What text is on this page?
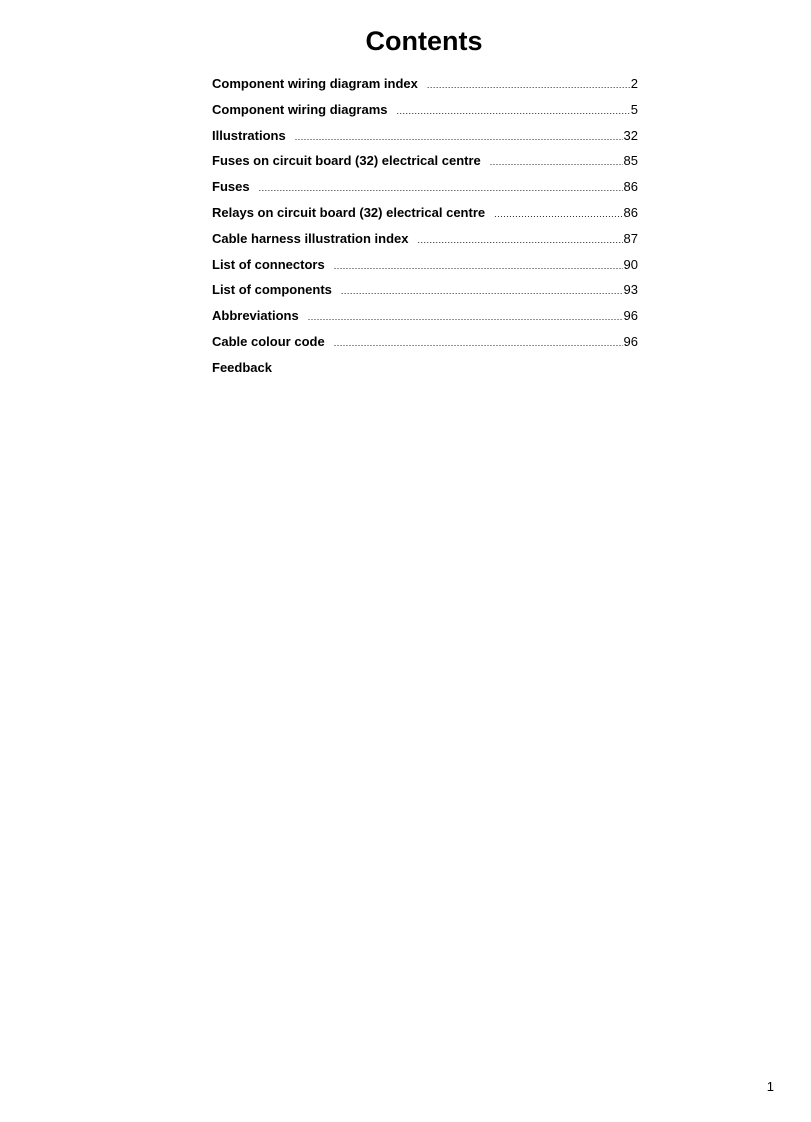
Contents
Component wiring diagram index .....	2
Component wiring diagrams .....	5
Illustrations .....	32
Fuses on circuit board (32) electrical centre .....	85
Fuses .....	86
Relays on circuit board (32) electrical centre .....	86
Cable harness illustration index .....	87
List of connectors .....	90
List of components .....	93
Abbreviations .....	96
Cable colour code .....	96
Feedback
1
